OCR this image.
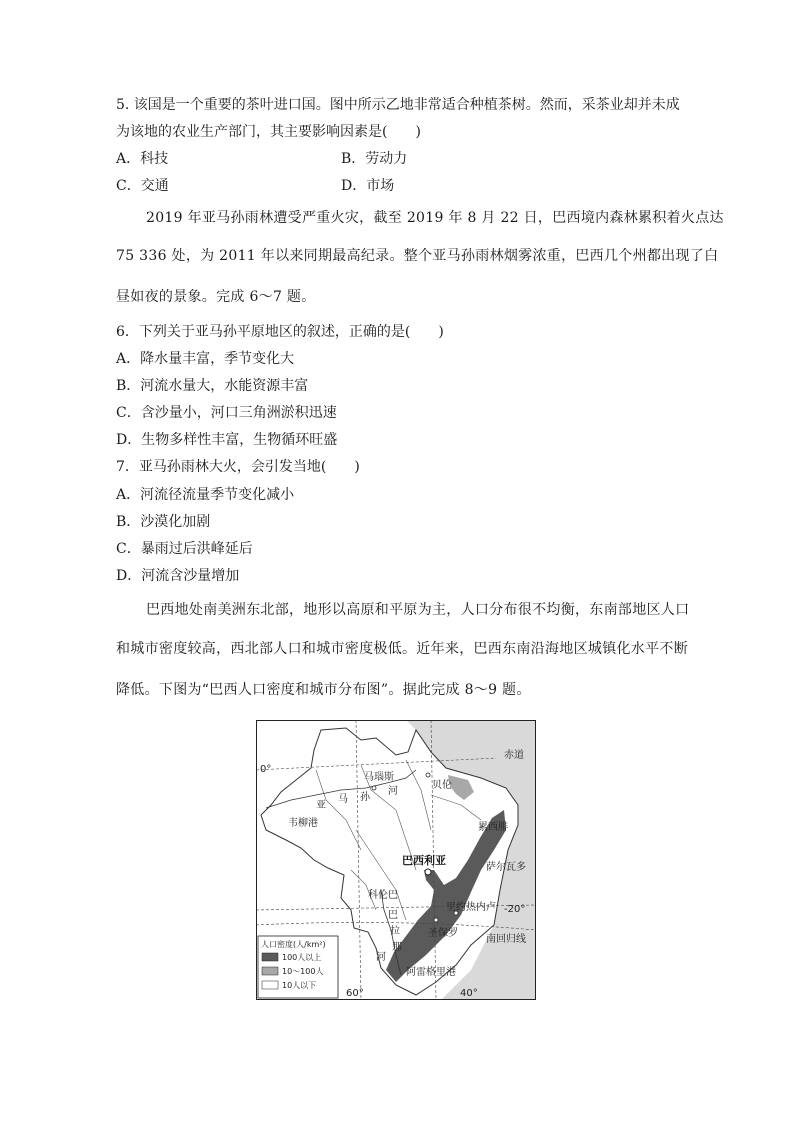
5. 该国是一个重要的茶叶进口国。图中所示乙地非常适合种植茶树。然而，采茶业却并未成
为该地的农业生产部门，其主要影响因素是(　　)
A．科技	B．劳动力
C．交通	D．市场
2019 年亚马孙雨林遭受严重火灾，截至 2019 年 8 月 22 日，巴西境内森林累积着火点达
75 336 处，为 2011 年以来同期最高纪录。整个亚马孙雨林烟雾浓重，巴西几个州都出现了白
昼如夜的景象。完成 6～7 题。
6．下列关于亚马孙平原地区的叙述，正确的是(　　)
A．降水量丰富，季节变化大
B．河流水量大，水能资源丰富
C．含沙量小，河口三角洲淤积迅速
D．生物多样性丰富，生物循环旺盛
7．亚马孙雨林大火，会引发当地(　　)
A．河流径流量季节变化减小
B．沙漠化加剧
C．暴雨过后洪峰延后
D．河流含沙量增加
巴西地处南美洲东北部，地形以高原和平原为主，人口分布很不均衡，东南部地区人口
和城市密度较高，西北部人口和城市密度极低。近年来，巴西东南沿海地区城镇化水平不断
降低。下图为“巴西人口密度和城市分布图”。据此完成 8～9 题。
赤道
0°
马瑙斯
贝伦
亚
马 孙
河
韦柳港	累西腓
巴西利亚
萨尔瓦多
科伦巴
里约热内卢 -20°
圣保罗
南回归线
巴
拉
那
河
阿雷格里港
60°	40°
人口密度(人/km²)
100人以上
10～100人
10人以下
